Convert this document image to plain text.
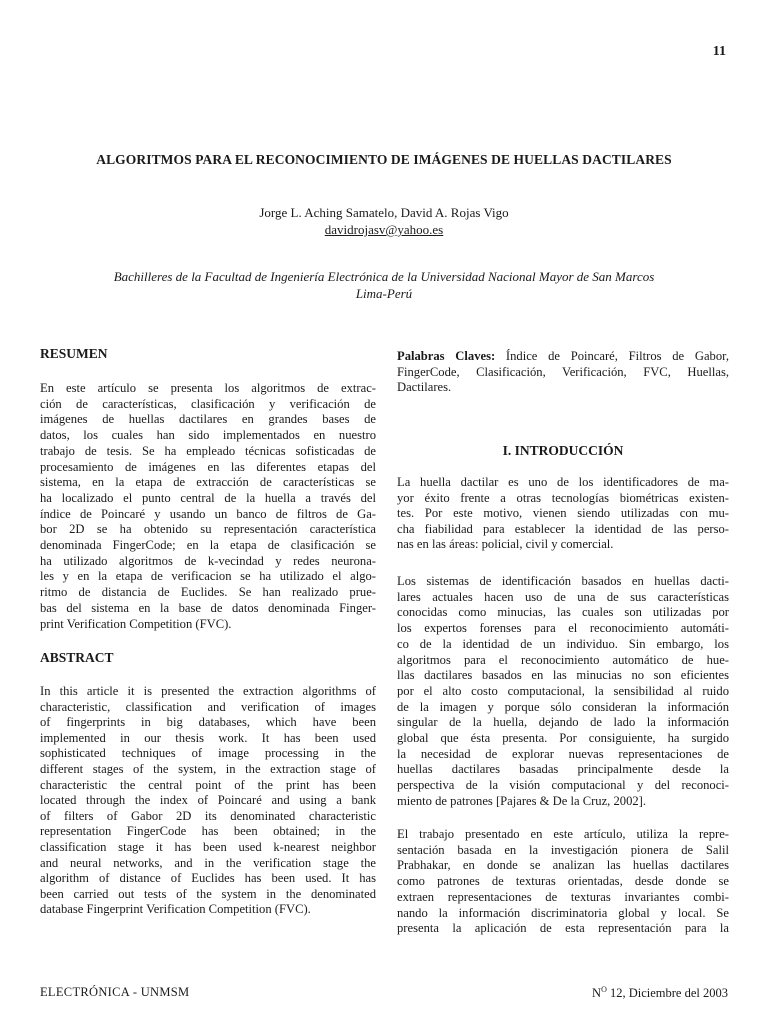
11
ALGORITMOS PARA EL RECONOCIMIENTO DE IMÁGENES DE HUELLAS DACTILARES
Jorge L. Aching Samatelo, David A. Rojas Vigo
davidrojasv@yahoo.es
Bachilleres de la Facultad de Ingeniería Electrónica de la Universidad Nacional Mayor de San Marcos
Lima-Perú
RESUMEN
En este artículo se presenta los algoritmos de extrac-
ción de características, clasificación y verificación de
imágenes de huellas dactilares en grandes bases de
datos, los cuales han sido implementados en nuestro
trabajo de tesis. Se ha empleado técnicas sofisticadas de
procesamiento de imágenes en las diferentes etapas del
sistema, en la etapa de extracción de características se
ha localizado el punto central de la huella a través del
índice de Poincaré y usando un banco de filtros de Ga-
bor 2D se ha obtenido su representación característica
denominada FingerCode; en la etapa de clasificación se
ha utilizado algoritmos de k-vecindad y redes neurona-
les y en la etapa de verificacion se ha utilizado el algo-
ritmo de distancia de Euclides. Se han realizado prue-
bas del sistema en la base de datos denominada Finger-
print Verification Competition (FVC).
ABSTRACT
In this article it is presented the extraction algorithms of
characteristic, classification and verification of images
of fingerprints in big databases, which have been
implemented in our thesis work. It has been used
sophisticated techniques of image processing in the
different stages of the system, in the extraction stage of
characteristic the central point of the print has been
located through the index of Poincaré and using a bank
of filters of Gabor 2D its denominated characteristic
representation FingerCode has been obtained; in the
classification stage it has been used k-nearest neighbor
and neural networks, and in the verification stage the
algorithm of distance of Euclides has been used. It has
been carried out tests of the system in the denominated
database Fingerprint Verification Competition (FVC).
Palabras Claves: Índice de Poincaré, Filtros de Gabor,
FingerCode, Clasificación, Verificación, FVC, Huellas,
Dactilares.
I. INTRODUCCIÓN
La huella dactilar es uno de los identificadores de ma-
yor éxito frente a otras tecnologías biométricas existen-
tes. Por este motivo, vienen siendo utilizadas con mu-
cha fiabilidad para establecer la identidad de las perso-
nas en las áreas: policial, civil y comercial.
Los sistemas de identificación basados en huellas dacti-
lares actuales hacen uso de una de sus características
conocidas como minucias, las cuales son utilizadas por
los expertos forenses para el reconocimiento automáti-
co de la identidad de un individuo. Sin embargo, los
algoritmos para el reconocimiento automático de hue-
llas dactilares basados en las minucias no son eficientes
por el alto costo computacional, la sensibilidad al ruido
de la imagen y porque sólo consideran la información
singular de la huella, dejando de lado la información
global que ésta presenta. Por consiguiente, ha surgido
la necesidad de explorar nuevas representaciones de
huellas dactilares basadas principalmente desde la
perspectiva de la visión computacional y del reconoci-
miento de patrones [Pajares & De la Cruz, 2002].
El trabajo presentado en este artículo, utiliza la repre-
sentación basada en la investigación pionera de Salil
Prabhakar, en donde se analizan las huellas dactilares
como patrones de texturas orientadas, desde donde se
extraen representaciones de texturas invariantes combi-
nando la información discriminatoria global y local. Se
presenta la aplicación de esta representación para la
ELECTRÓNICA - UNMSM	$N^O$ 12, Diciembre del 2003
